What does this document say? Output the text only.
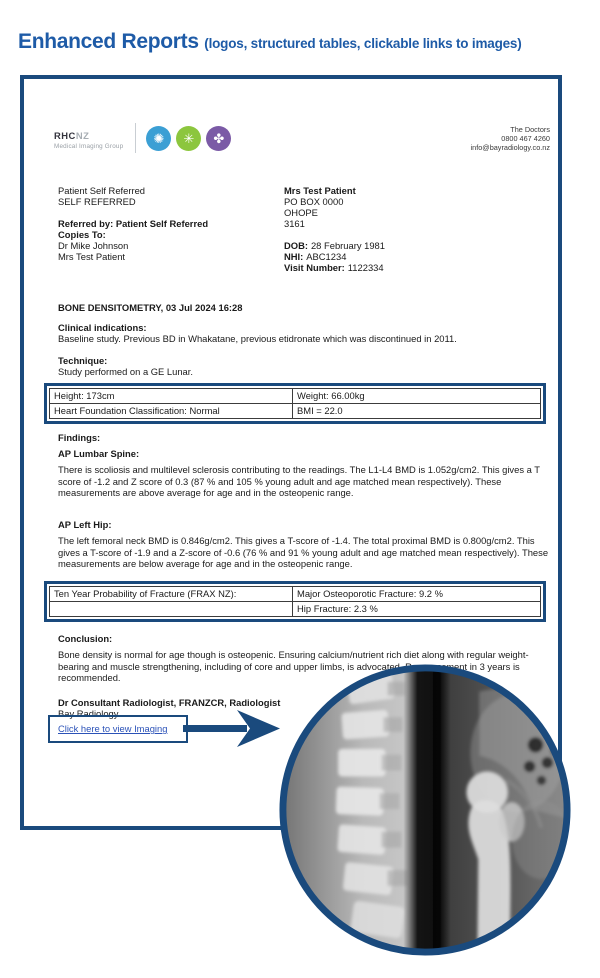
Enhanced Reports (logos, structured tables, clickable links to images)
RHCNZ
Medical Imaging Group
✺	✳	✤
The Doctors
0800 467 4260
info@bayradiology.co.nz
Patient Self Referred
SELF REFERRED

Referred by: Patient Self Referred
Copies To:
Dr Mike Johnson
Mrs Test Patient
Mrs Test Patient
PO BOX 0000
OHOPE
3161

DOB: 28 February 1981
NHI: ABC1234
Visit Number: 1122334
BONE DENSITOMETRY, 03 Jul 2024 16:28
Clinical indications:
Baseline study. Previous BD in Whakatane, previous etidronate which was discontinued in 2011.
Technique:
Study performed on a GE Lunar.
Height: 173cm	Weight: 66.00kg
Heart Foundation Classification: Normal	BMI = 22.0
Findings:
AP Lumbar Spine:
There is scoliosis and multilevel sclerosis contributing to the readings. The L1-L4 BMD is 1.052g/cm2. This gives a T score of -1.2 and Z score of 0.3 (87 % and 105 % young adult and age matched mean respectively). These measurements are above average for age and in the osteopenic range.
AP Left Hip:
The left femoral neck BMD is 0.846g/cm2. This gives a T-score of -1.4. The total proximal BMD is 0.800g/cm2. This gives a T-score of -1.9 and a Z-score of -0.6 (76 % and 91 % young adult and age matched mean respectively). These measurements are below average for age and in the osteopenic range.
Ten Year Probability of Fracture (FRAX NZ):	Major Osteoporotic Fracture: 9.2 %
	Hip Fracture: 2.3 %
Conclusion:
Bone density is normal for age though is osteopenic. Ensuring calcium/nutrient rich diet along with regular weight-bearing and muscle strengthening, including of core and upper limbs, is advocated. Reassessment in 3 years is recommended.
Dr Consultant Radiologist, FRANZCR, Radiologist
Bay Radiology
Click here to view Imaging
